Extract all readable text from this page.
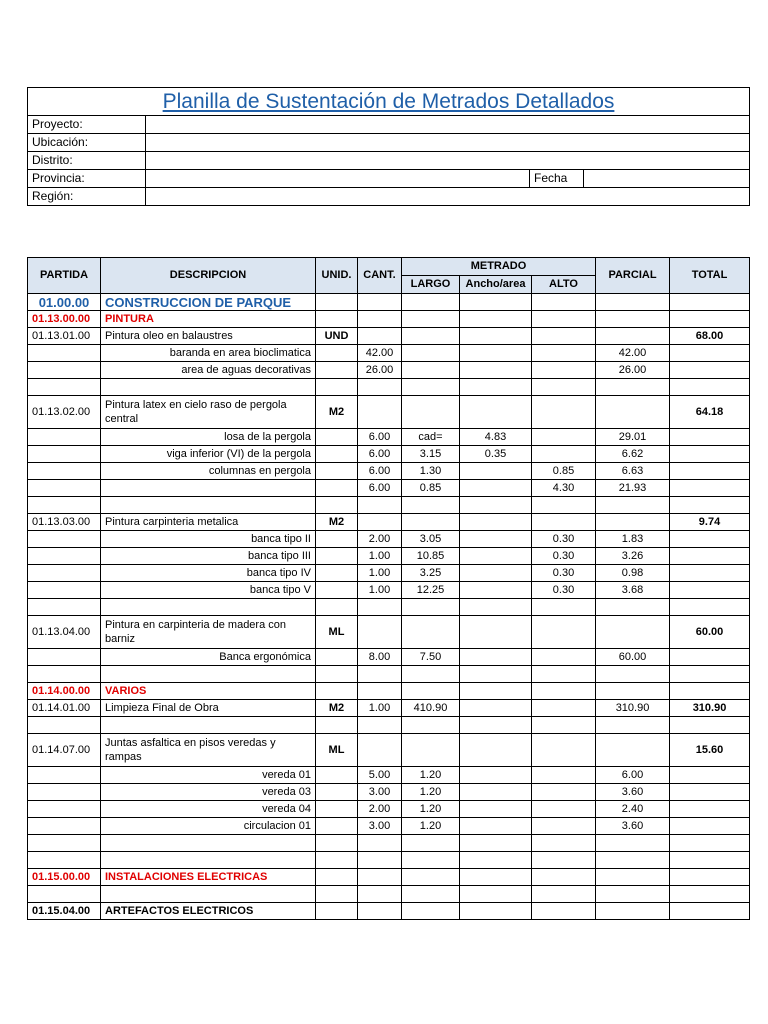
Planilla de Sustentación de Metrados Detallados			
Proyecto:			
Ubicación:			
Distrito:			
Provincia:		Fecha	
Región:			
PARTIDA	DESCRIPCION	UNID.	CANT.	METRADO			PARCIAL	TOTAL
				LARGO	Ancho/area	ALTO		
01.00.00	CONSTRUCCION DE PARQUE							
01.13.00.00	PINTURA							
01.13.01.00	Pintura oleo en balaustres	UND						68.00
	baranda en area bioclimatica		42.00				42.00	
	area de aguas decorativas		26.00				26.00	

01.13.02.00	Pintura latex en cielo raso de pergola central	M2						64.18
	losa de la pergola		6.00	cad=	4.83		29.01	
	viga inferior (VI) de la pergola		6.00	3.15	0.35		6.62	
	columnas en pergola		6.00	1.30		0.85	6.63	
			6.00	0.85		4.30	21.93	

01.13.03.00	Pintura carpinteria metalica	M2						9.74
	banca tipo II		2.00	3.05		0.30	1.83	
	banca tipo III		1.00	10.85		0.30	3.26	
	banca tipo IV		1.00	3.25		0.30	0.98	
	banca tipo V		1.00	12.25		0.30	3.68	

01.13.04.00	Pintura en carpinteria de madera con barniz	ML						60.00
	Banca ergonómica		8.00	7.50			60.00	

01.14.00.00	VARIOS							
01.14.01.00	Limpieza Final de Obra	M2	1.00	410.90			310.90	310.90

01.14.07.00	Juntas asfaltica en pisos veredas y rampas	ML						15.60
	vereda 01		5.00	1.20			6.00	
	vereda 03		3.00	1.20			3.60	
	vereda 04		2.00	1.20			2.40	
	circulacion 01		3.00	1.20			3.60	

01.15.00.00	INSTALACIONES ELECTRICAS							

01.15.04.00	ARTEFACTOS ELECTRICOS							
